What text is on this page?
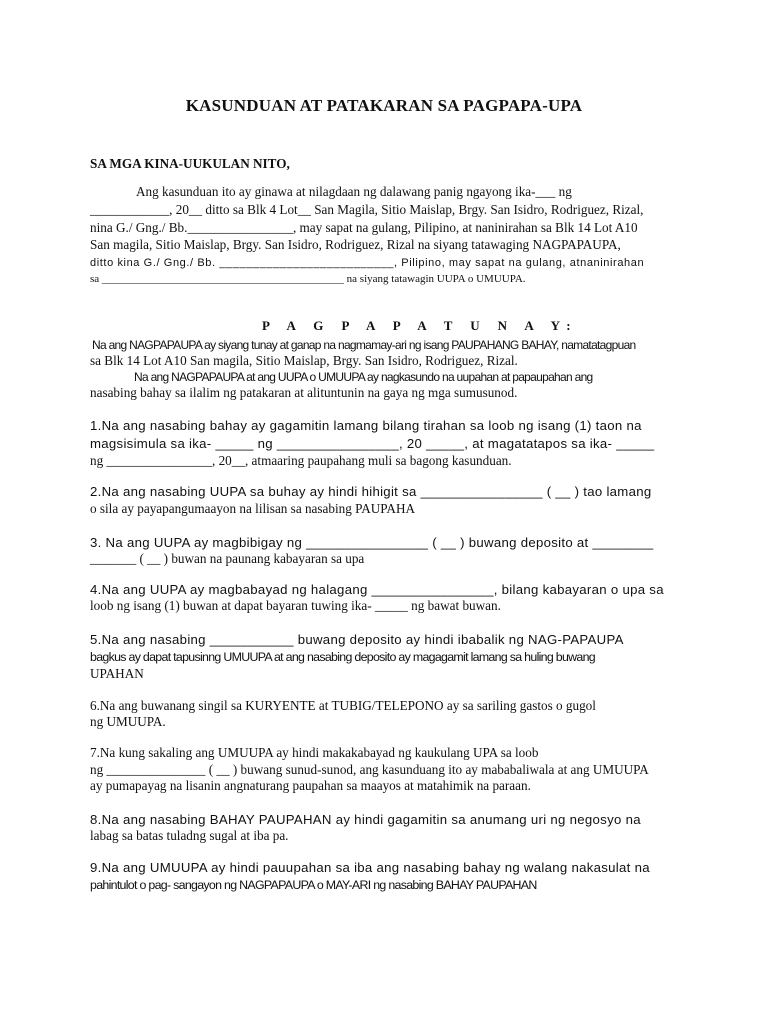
KASUNDUAN AT PATAKARAN SA PAGPAPA-UPA
SA MGA KINA-UUKULAN NITO,
Ang kasunduan ito ay ginawa at nilagdaan ng dalawang panig ngayong ika-___ ng
____________, 20__ ditto sa Blk 4 Lot__ San Magila, Sitio Maislap, Brgy. San Isidro, Rodriguez, Rizal,
nina G./ Gng./ Bb.________________, may sapat na gulang, Pilipino, at naninirahan sa Blk 14 Lot A10
San magila, Sitio Maislap, Brgy. San Isidro, Rodriguez, Rizal na siyang tatawaging NAGPAPAUPA,
ditto kina G./ Gng./ Bb. __________________________, Pilipino, may sapat na gulang, atnaninirahan
sa ____________________________________________ na siyang tatawagin UUPA o UMUUPA.
P A G P A P A T U N A Y:
Na ang NAGPAPAUPA ay siyang tunay at ganap na nagmamay-ari ng isang PAUPAHANG BAHAY, namatatagpuan
sa Blk 14 Lot A10 San magila, Sitio Maislap, Brgy. San Isidro, Rodriguez, Rizal.
Na ang NAGPAPAUPA at ang UUPA o UMUUPA ay nagkasundo na uupahan at papaupahan ang
nasabing bahay sa ilalim ng patakaran at alituntunin na gaya ng mga sumusunod.
1.Na ang nasabing bahay ay gagamitin lamang bilang tirahan sa loob ng isang (1) taon na
magsisimula sa ika- _____ ng ________________, 20 _____, at magatatapos sa ika- _____
ng ________________, 20__, atmaaring paupahang muli sa bagong kasunduan.
2.Na ang nasabing UUPA sa buhay ay hindi hihigit sa ________________ ( __ ) tao lamang
o sila ay payapangumaayon na lilisan sa nasabing PAUPAHA
3. Na ang UUPA ay magbibigay ng ________________ ( __ ) buwang deposito at ________
_______ ( __ ) buwan na paunang kabayaran sa upa
4.Na ang UUPA ay magbabayad ng halagang ________________, bilang kabayaran o upa sa
loob ng isang (1) buwan at dapat bayaran tuwing ika- _____ ng bawat buwan.
5.Na ang nasabing ___________ buwang deposito ay hindi ibabalik ng NAG-PAPAUPA
bagkus ay dapat tapusinng UMUUPA at ang nasabing deposito ay magagamit lamang sa huling buwang
UPAHAN
6.Na ang buwanang singil sa KURYENTE at TUBIG/TELEPONO ay sa sariling gastos o gugol
ng UMUUPA.
7.Na kung sakaling ang UMUUPA ay hindi makakabayad ng kaukulang UPA sa loob
ng _______________ ( __ ) buwang sunud-sunod, ang kasunduang ito ay mababaliwala at ang UMUUPA
ay pumapayag na lisanin angnaturang paupahan sa maayos at matahimik na paraan.
8.Na ang nasabing BAHAY PAUPAHAN ay hindi gagamitin sa anumang uri ng negosyo na
labag sa batas tuladng sugal at iba pa.
9.Na ang UMUUPA ay hindi pauupahan sa iba ang nasabing bahay ng walang nakasulat na
pahintulot o pag- sangayon ng NAGPAPAUPA o MAY-ARI ng nasabing BAHAY PAUPAHAN
